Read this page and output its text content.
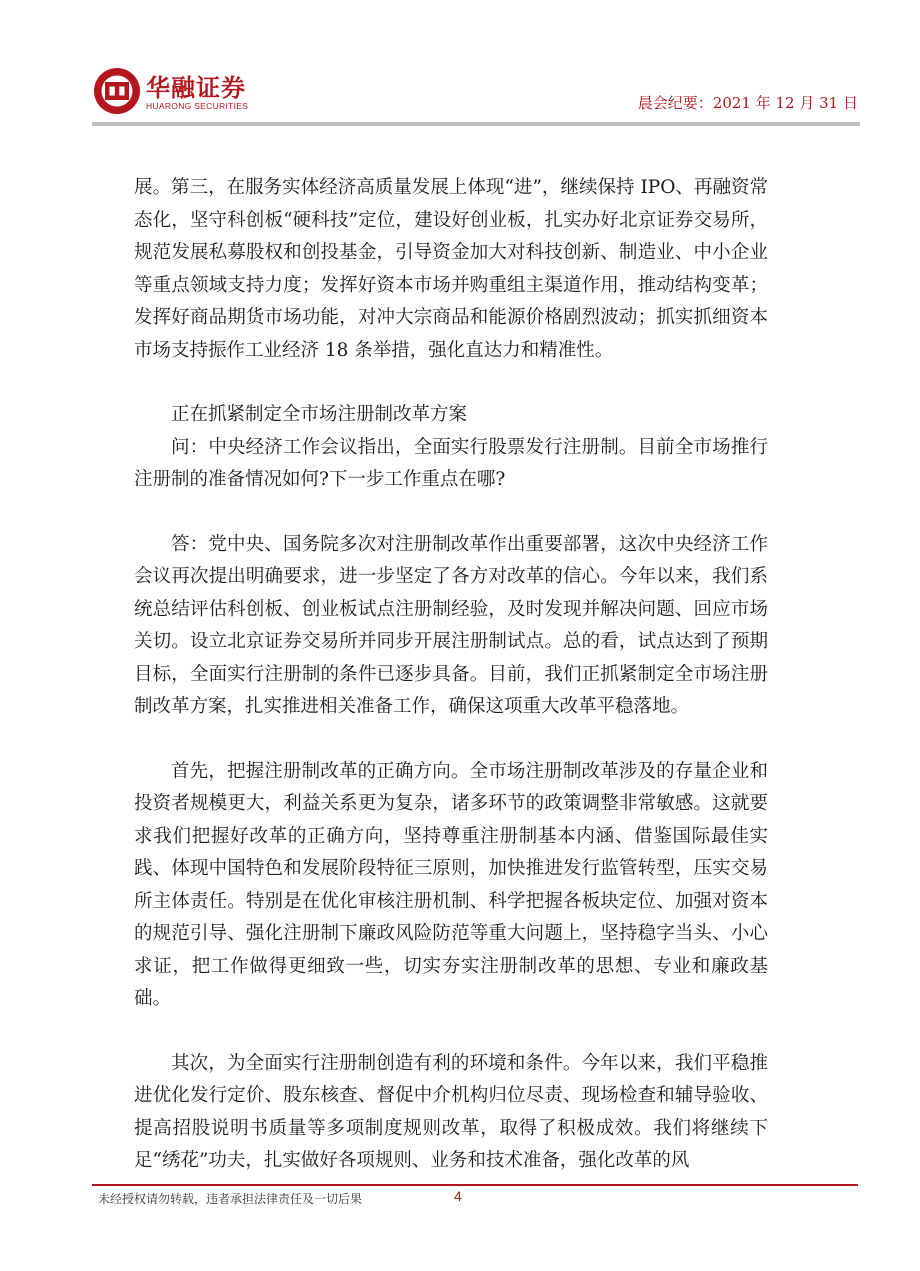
华融证券
HUARONG SECURITIES	晨会纪要：2021 年 12 月 31 日

展。第三，在服务实体经济高质量发展上体现“进”，继续保持 IPO、再融资常态化，坚守科创板“硬科技”定位，建设好创业板，扎实办好北京证券交易所，规范发展私募股权和创投基金，引导资金加大对科技创新、制造业、中小企业等重点领域支持力度；发挥好资本市场并购重组主渠道作用，推动结构变革；发挥好商品期货市场功能，对冲大宗商品和能源价格剧烈波动；抓实抓细资本市场支持振作工业经济 18 条举措，强化直达力和精准性。

正在抓紧制定全市场注册制改革方案

问：中央经济工作会议指出，全面实行股票发行注册制。目前全市场推行注册制的准备情况如何?下一步工作重点在哪?

答：党中央、国务院多次对注册制改革作出重要部署，这次中央经济工作会议再次提出明确要求，进一步坚定了各方对改革的信心。今年以来，我们系统总结评估科创板、创业板试点注册制经验，及时发现并解决问题、回应市场关切。设立北京证券交易所并同步开展注册制试点。总的看，试点达到了预期目标，全面实行注册制的条件已逐步具备。目前，我们正抓紧制定全市场注册制改革方案，扎实推进相关准备工作，确保这项重大改革平稳落地。

首先，把握注册制改革的正确方向。全市场注册制改革涉及的存量企业和投资者规模更大，利益关系更为复杂，诸多环节的政策调整非常敏感。这就要求我们把握好改革的正确方向，坚持尊重注册制基本内涵、借鉴国际最佳实践、体现中国特色和发展阶段特征三原则，加快推进发行监管转型，压实交易所主体责任。特别是在优化审核注册机制、科学把握各板块定位、加强对资本的规范引导、强化注册制下廉政风险防范等重大问题上，坚持稳字当头、小心求证，把工作做得更细致一些，切实夯实注册制改革的思想、专业和廉政基础。

其次，为全面实行注册制创造有利的环境和条件。今年以来，我们平稳推进优化发行定价、股东核查、督促中介机构归位尽责、现场检查和辅导验收、提高招股说明书质量等多项制度规则改革，取得了积极成效。我们将继续下足“绣花”功夫，扎实做好各项规则、业务和技术准备，强化改革的风

未经授权请勿转载，违者承担法律责任及一切后果	4
